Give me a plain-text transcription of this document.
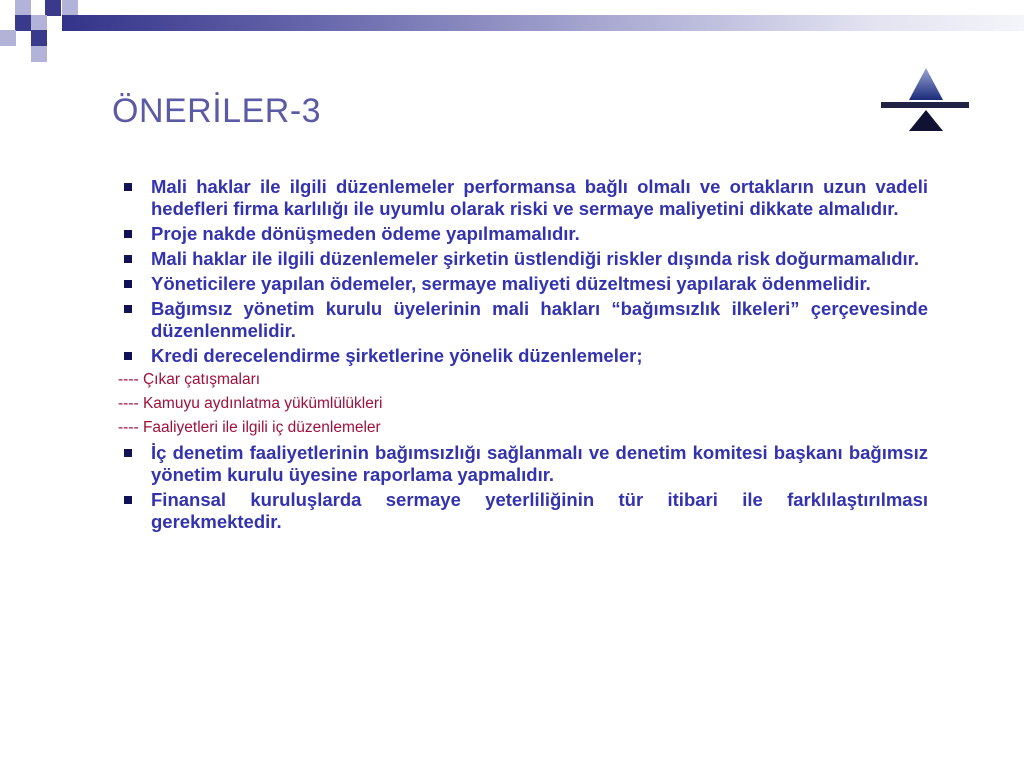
ÖNERİLER-3
Mali haklar ile ilgili düzenlemeler performansa bağlı olmalı ve ortakların uzun vadeli hedefleri firma karlılığı ile uyumlu olarak riski ve sermaye maliyetini dikkate almalıdır.
Proje nakde dönüşmeden ödeme yapılmamalıdır.
Mali haklar ile ilgili düzenlemeler şirketin üstlendiği riskler dışında risk doğurmamalıdır.
Yöneticilere yapılan ödemeler, sermaye maliyeti düzeltmesi yapılarak ödenmelidir.
Bağımsız yönetim kurulu üyelerinin mali hakları “bağımsızlık ilkeleri” çerçevesinde düzenlenmelidir.
Kredi derecelendirme şirketlerine yönelik düzenlemeler;
---- Çıkar çatışmaları
---- Kamuyu aydınlatma yükümlülükleri
---- Faaliyetleri ile ilgili iç düzenlemeler
İç denetim faaliyetlerinin bağımsızlığı sağlanmalı ve denetim komitesi başkanı bağımsız yönetim kurulu üyesine raporlama yapmalıdır.
Finansal kuruluşlarda sermaye yeterliliğinin tür itibari ile farklılaştırılması gerekmektedir.
